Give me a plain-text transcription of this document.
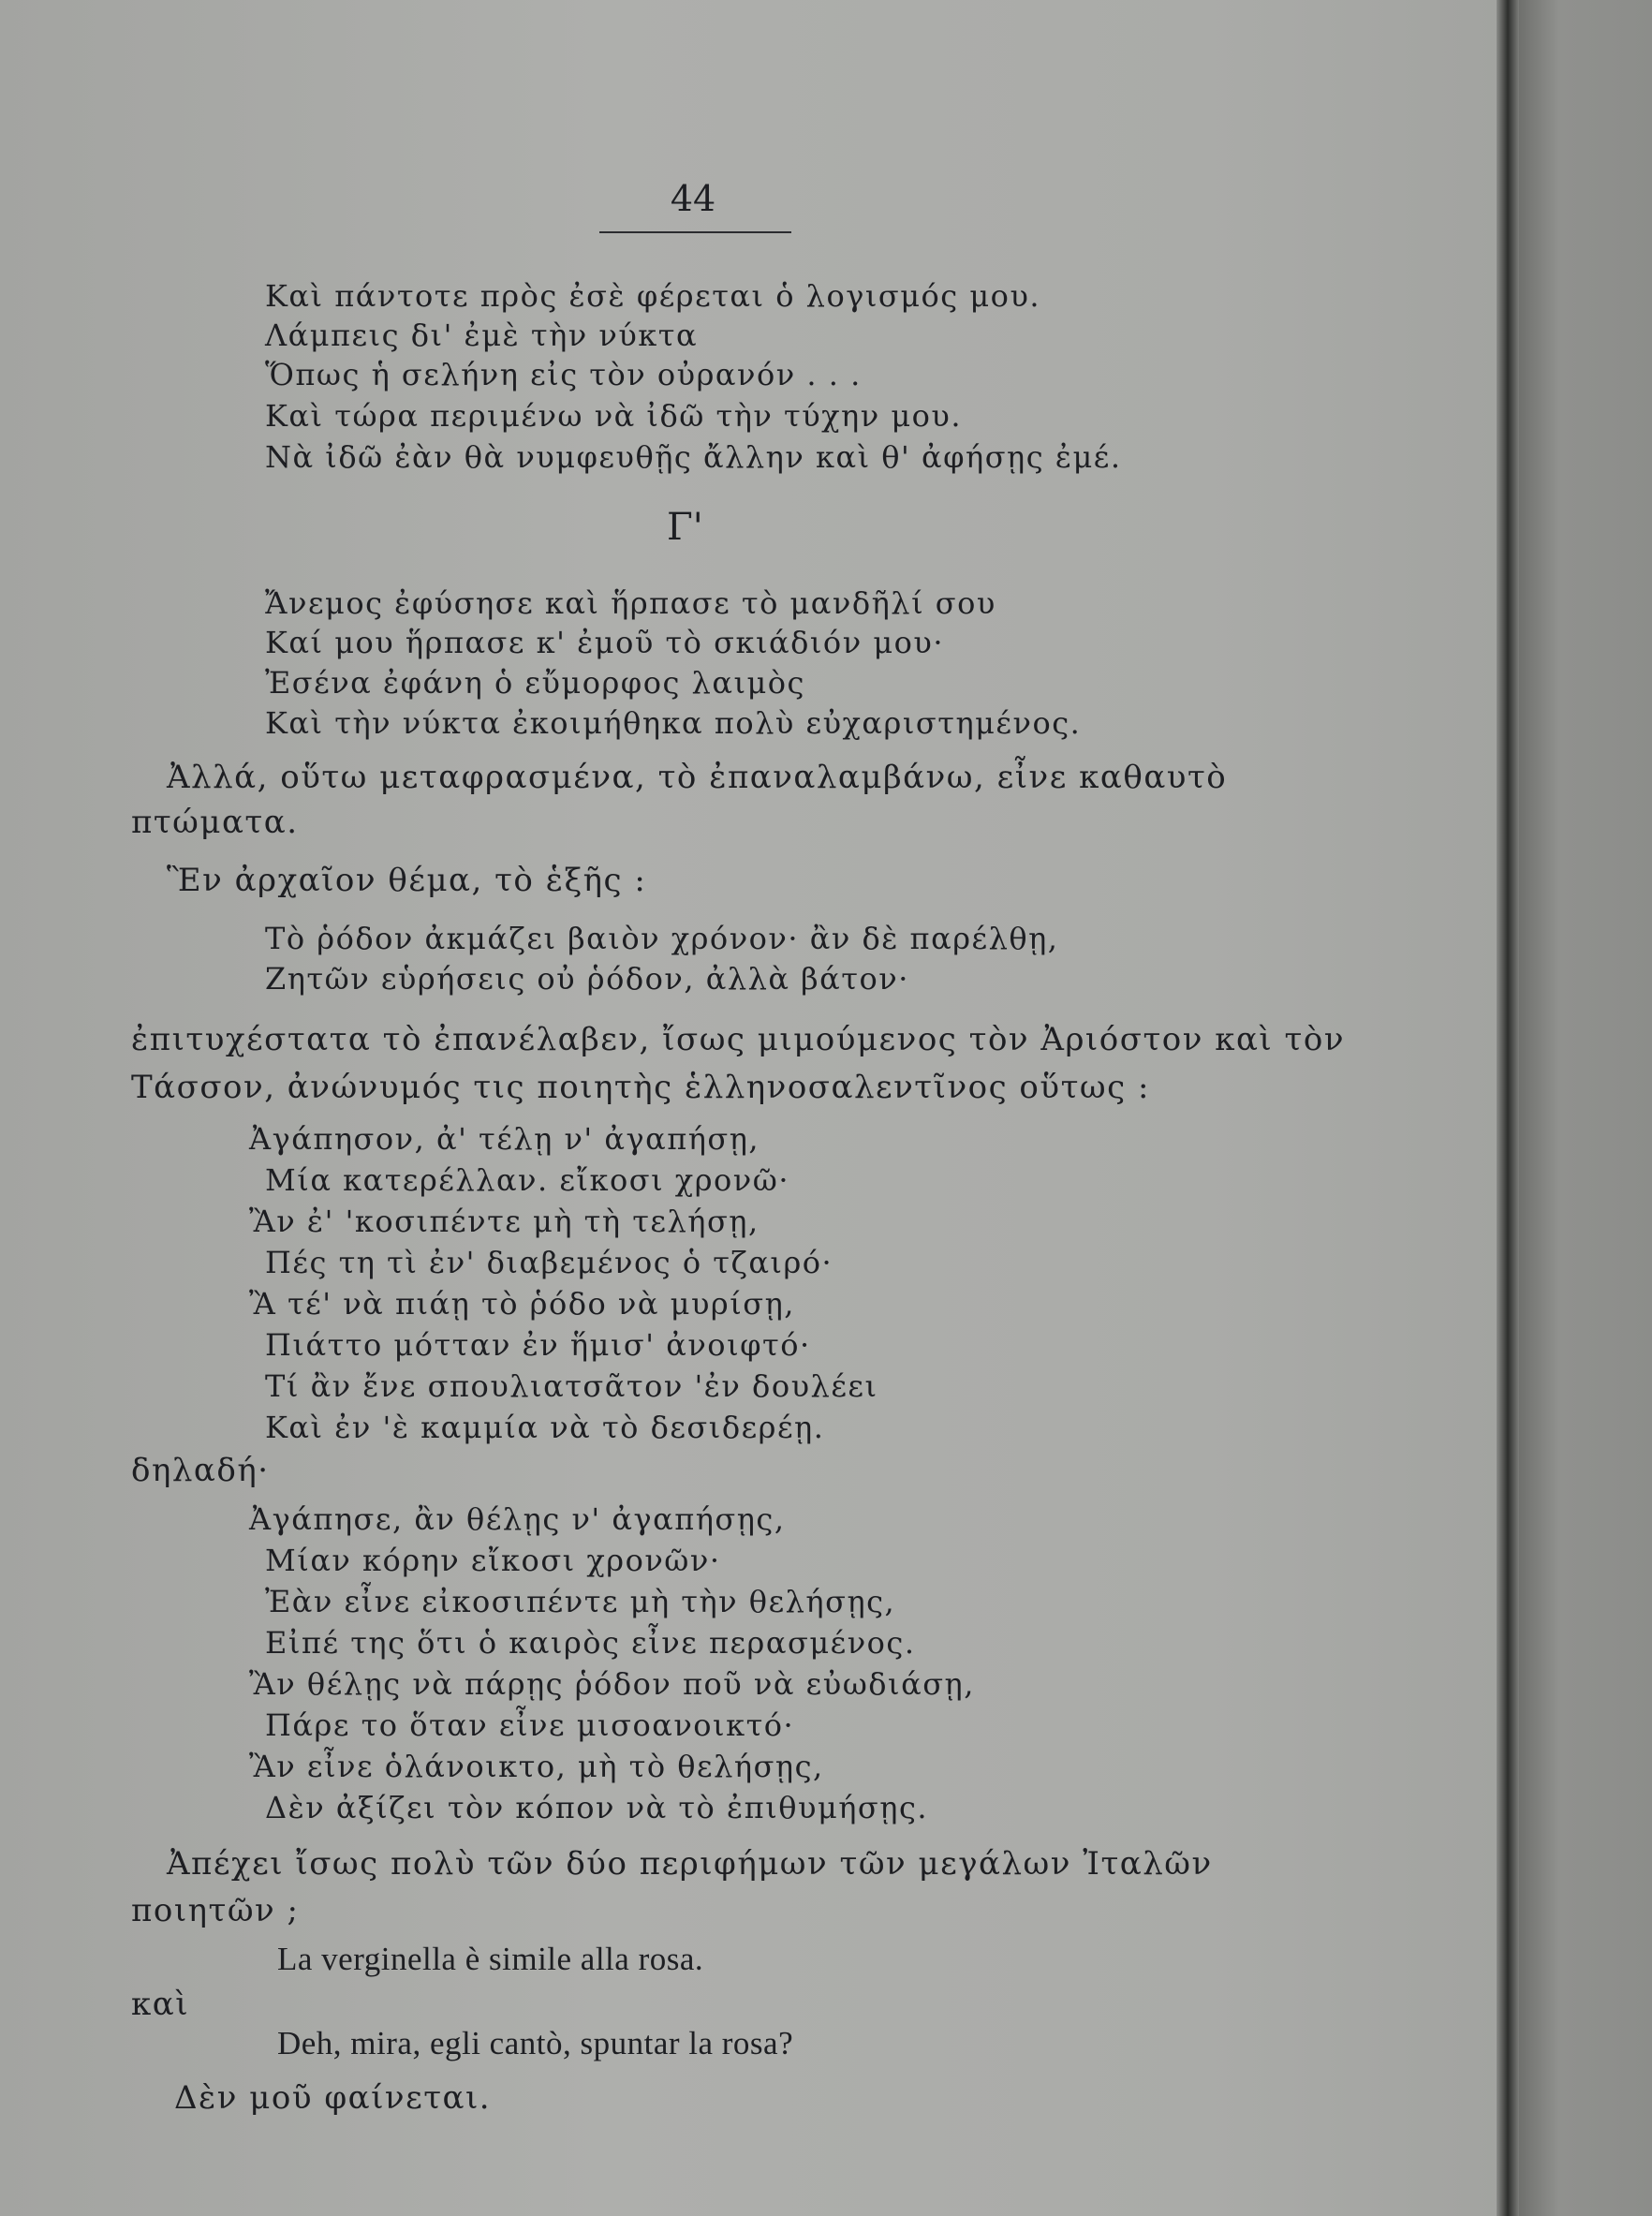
44
Καὶ πάντοτε πρὸς ἐσὲ φέρεται ὁ λογισμός μου.
Λάμπεις δι' ἐμὲ τὴν νύκτα
Ὅπως ἡ σελήνη εἰς τὸν οὐρανόν . . .
Καὶ τώρα περιμένω νὰ ἰδῶ τὴν τύχην μου.
Νὰ ἰδῶ ἐὰν θὰ νυμφευθῇς ἄλλην καὶ θ' ἀφήσῃς ἐμέ.
Γ'
Ἄνεμος ἐφύσησε καὶ ἥρπασε τὸ μανδῆλί σου
Καί μου ἥρπασε κ' ἐμοῦ τὸ σκιάδιόν μου·
Ἐσένα ἐφάνη ὁ εὔμορφος λαιμὸς
Καὶ τὴν νύκτα ἐκοιμήθηκα πολὺ εὐχαριστημένος.
Ἀλλά, οὕτω μεταφρασμένα, τὸ ἐπαναλαμβάνω, εἶνε καθαυτὸ
πτώματα.
Ἓν ἀρχαῖον θέμα, τὸ ἑξῆς :
Τὸ ῥόδον ἀκμάζει βαιὸν χρόνον· ἂν δὲ παρέλθῃ,
Ζητῶν εὑρήσεις οὐ ῥόδον, ἀλλὰ βάτον·
ἐπιτυχέστατα τὸ ἐπανέλαβεν, ἴσως μιμούμενος τὸν Ἀριόστον καὶ τὸν
Τάσσον, ἀνώνυμός τις ποιητὴς ἑλληνοσαλεντῖνος οὕτως :
Ἀγάπησον, ἀ' τέλῃ ν' ἀγαπήσῃ,
Μία κατερέλλαν. εἴκοσι χρονῶ·
Ἂν ἐ' 'κοσιπέντε μὴ τὴ τελήσῃ,
Πές τη τὶ ἐν' διαβεμένος ὁ τζαιρό·
Ἂ τέ' νὰ πιάῃ τὸ ῥόδο νὰ μυρίσῃ,
Πιάττο μότταν ἐν ἥμισ' ἀνοιφτό·
Τί ἂν ἔνε σπουλιατσᾶτον 'ἐν δουλέει
Καὶ ἐν 'ὲ καμμία νὰ τὸ δεσιδερέῃ.
δηλαδή·
Ἀγάπησε, ἂν θέλῃς ν' ἀγαπήσῃς,
Μίαν κόρην εἴκοσι χρονῶν·
Ἐὰν εἶνε εἰκοσιπέντε μὴ τὴν θελήσῃς,
Εἰπέ της ὅτι ὁ καιρὸς εἶνε περασμένος.
Ἂν θέλῃς νὰ πάρῃς ῥόδον ποῦ νὰ εὐωδιάσῃ,
Πάρε το ὅταν εἶνε μισοανοικτό·
Ἂν εἶνε ὁλάνοικτο, μὴ τὸ θελήσῃς,
Δὲν ἀξίζει τὸν κόπον νὰ τὸ ἐπιθυμήσῃς.
Ἀπέχει ἴσως πολὺ τῶν δύο περιφήμων τῶν μεγάλων Ἰταλῶν
ποιητῶν ;
La verginella è simile alla rosa.
καὶ
Deh, mira, egli cantò, spuntar la rosa?
Δὲν μοῦ φαίνεται.
